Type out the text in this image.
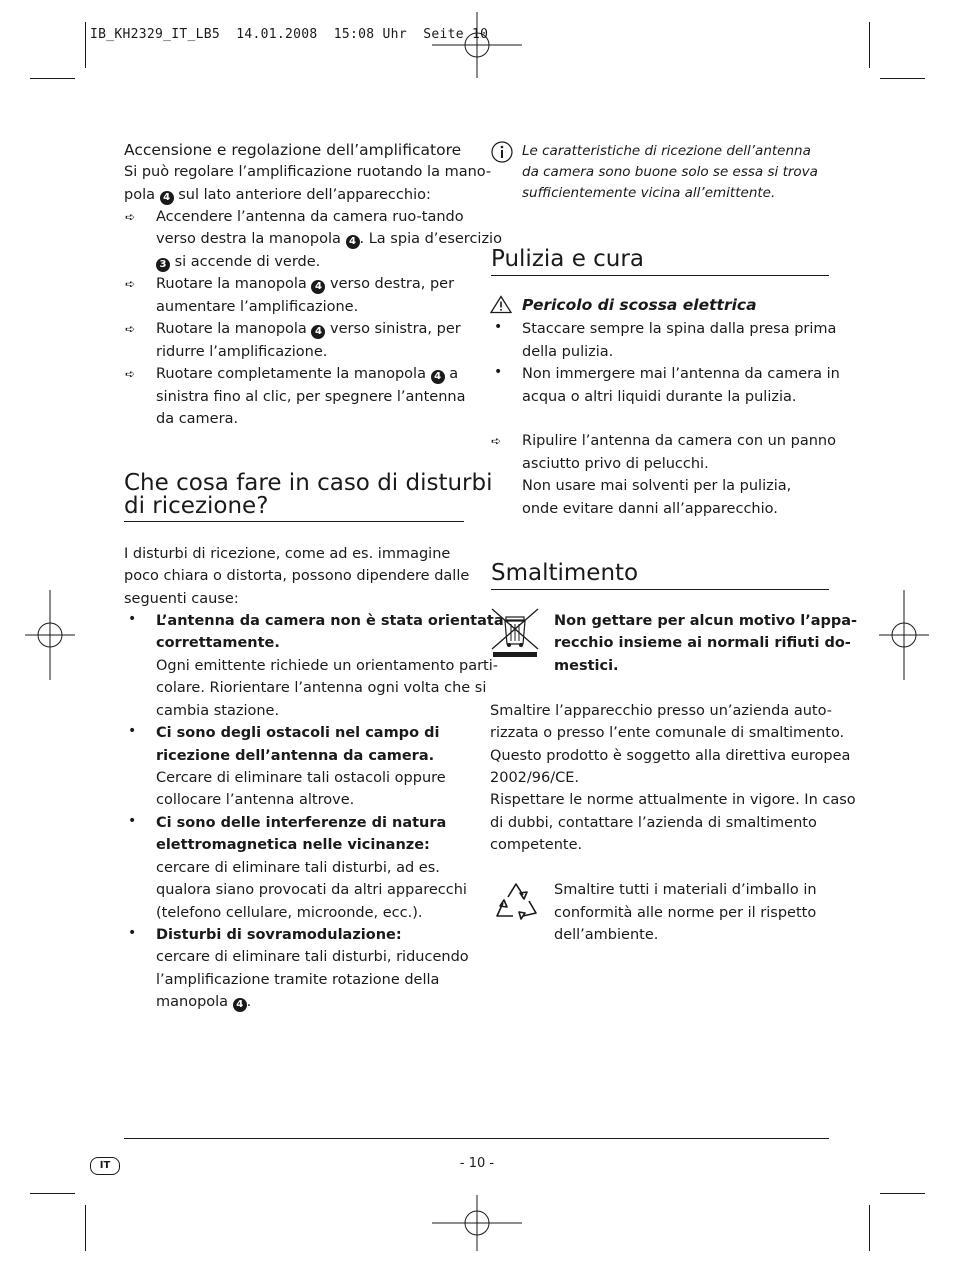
IB_KH2329_IT_LB5  14.01.2008  15:08 Uhr  Seite 10
Accensione e regolazione dell’amplificatore
Si può regolare l’amplificazione ruotando la mano-
pola 4 sul lato anteriore dell’apparecchio:
➪ Accendere l’antenna da camera ruo-tando
verso destra la manopola 4 . La spia d’esercizio
3 si accende di verde.
➪ Ruotare la manopola 4 verso destra, per
aumentare l’amplificazione.
➪ Ruotare la manopola 4 verso sinistra, per
ridurre l’amplificazione.
➪ Ruotare completamente la manopola 4 a
sinistra fino al clic, per spegnere l’antenna
da camera.
Che cosa fare in caso di disturbi
di ricezione?
I disturbi di ricezione, come ad es. immagine
poco chiara o distorta, possono dipendere dalle
seguenti cause:
• L’antenna da camera non è stata orientata
correttamente.
Ogni emittente richiede un orientamento parti-
colare. Riorientare l’antenna ogni volta che si
cambia stazione.
• Ci sono degli ostacoli nel campo di
ricezione dell’antenna da camera.
Cercare di eliminare tali ostacoli oppure
collocare l’antenna altrove.
• Ci sono delle interferenze di natura
elettromagnetica nelle vicinanze:
cercare di eliminare tali disturbi, ad es.
qualora siano provocati da altri apparecchi
(telefono cellulare, microonde, ecc.).
• Disturbi di sovramodulazione:
cercare di eliminare tali disturbi, riducendo
l’amplificazione tramite rotazione della
manopola 4 .
Le caratteristiche di ricezione dell’antenna
da camera sono buone solo se essa si trova
sufficientemente vicina all’emittente.
Pulizia e cura
Pericolo di scossa elettrica
• Staccare sempre la spina dalla presa prima
della pulizia.
• Non immergere mai l’antenna da camera in
acqua o altri liquidi durante la pulizia.
➪ Ripulire l’antenna da camera con un panno
asciutto privo di pelucchi.
Non usare mai solventi per la pulizia,
onde evitare danni all’apparecchio.
Smaltimento
Non gettare per alcun motivo l’appa-
recchio insieme ai normali rifiuti do-
mestici.
Smaltire l’apparecchio presso un’azienda auto-
rizzata o presso l’ente comunale di smaltimento.
Questo prodotto è soggetto alla direttiva europea
2002/96/CE.
Rispettare le norme attualmente in vigore. In caso
di dubbi, contattare l’azienda di smaltimento
competente.
Smaltire tutti i materiali d’imballo in
conformità alle norme per il rispetto
dell’ambiente.
IT	- 10 -
